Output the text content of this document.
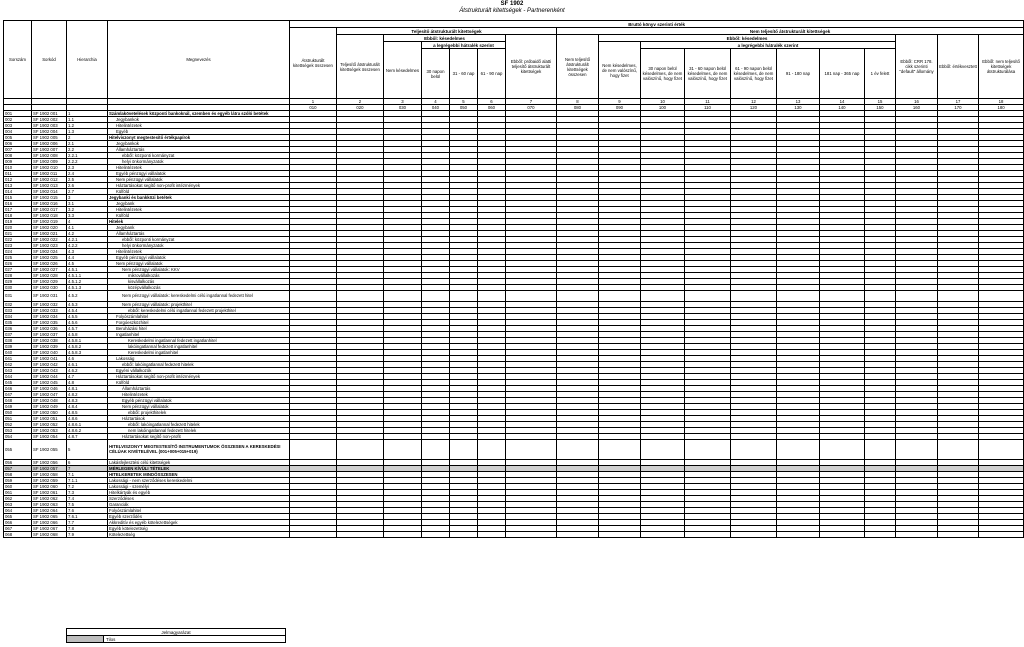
SF 1902
Átstrukturált kitettségek - Partnerenként
Sorszám	Sorkód	Hierarchia	Megnevezés	Bruttó könyv szerinti érték																	
				Átstrukturált kitettségek összesen	Teljesítő átstrukturált kitettségek						Nem teljesítő átstrukturált kitettségek										
					Teljesítő átstrukturált kitettségek összesen	Ebből: késedelmes				Ebből: próbaidő alatti teljesítő átstrukturált kitettségek	Nem teljesítő átstrukturált kitettségek összesen	Ebből: késedelmes							Ebből: CRR 178. cikk szerinti "default" állomány	Ebből: értékvesztett	Ebből: nem teljesítő kitettségek átstrukturálása
						Nem késedelmes	a legrégebbi hátralék szerint					Nem késedelmes, de nem valószínű, hogy fizet	a legrégebbi hátralék szerint								
							30 napon belül	31 - 60 nap	61 - 90 nap				30 napon belül késedelmes, de nem valószínű, hogy fizet	31 - 60 napon belül késedelmes, de nem valószínű, hogy fizet	61 - 90 napon belül késedelmes, de nem valószínű, hogy fizet	91 - 180 nap	181 nap - 365 nap	1 év felett			
				1	2	3	4	5	6	7	8	9	10	11	12	13	14	15	16	17	18
				010	020	030	040	050	060	070	080	090	100	110	120	130	140	150	160	170	180
001	SF 1902 001	1	Számlakövetelések központi bankoknál, szemben és egyéb látra szóló betétek																		
002	SF 1902 002	1.1	Jegybankok																		
003	SF 1902 003	1.2	Hitelintézetek																		
004	SF 1902 004	1.3	Egyéb																		
005	SF 1902 005	2	Hitelviszonyt megtestesítő értékpapírok																		
006	SF 1902 006	2.1	Jegybankok																		
007	SF 1902 007	2.2	Államháztartás																		
008	SF 1902 008	2.2.1	ebből: központi kormányzat																		
009	SF 1902 009	2.2.2	helyi önkormányzatok																		
010	SF 1902 010	2.3	Hitelintézetek																		
011	SF 1902 011	2.4	Egyéb pénzügyi vállalatok																		
012	SF 1902 012	2.5	Nem pénzügyi vállalatok																		
013	SF 1902 013	2.6	Háztartásokat segítő non-profit intézmények																		
014	SF 1902 014	2.7	Külföld																		
015	SF 1902 015	3	Jegybanki és bankközi betétek																		
016	SF 1902 016	3.1	Jegybank																		
017	SF 1902 017	3.2	Hitelintézetek																		
018	SF 1902 018	3.3	Külföld																		
019	SF 1902 019	4	Hitelek																		
020	SF 1902 020	4.1	Jegybank																		
021	SF 1902 021	4.2	Államháztartás																		
022	SF 1902 022	4.2.1	ebből: központi kormányzat																		
023	SF 1902 023	4.2.2	helyi önkormányzatok																		
024	SF 1902 024	4.3	Hitelintézetek																		
025	SF 1902 025	4.4	Egyéb pénzügyi vállalatok																		
026	SF 1902 026	4.5	Nem pénzügyi vállalatok																		
027	SF 1902 027	4.5.1	Nem pénzügyi vállalatok: KKV																		
028	SF 1902 028	4.5.1.1	mikrovállalkozás																		
029	SF 1902 029	4.5.1.2	kisvállalkozás																		
030	SF 1902 030	4.5.1.3	középvállalkozás																		
031	SF 1902 031	4.5.2	Nem pénzügyi vállalatok: kereskedelmi célú ingatlannal fedezett hitel																		
032	SF 1902 032	4.5.3	Nem pénzügyi vállalatok: projekthitel																		
033	SF 1902 033	4.5.4	ebből: kereskedelmi célú ingatlannal fedezett projekthitel																		
034	SF 1902 034	4.5.5	Folyószámlahitel																		
035	SF 1902 035	4.5.6	Forgóeszközhitel																		
036	SF 1902 036	4.5.7	Beruházási hitel																		
037	SF 1902 037	4.5.8	Ingatlanhitel																		
038	SF 1902 038	4.5.8.1	Kereskedelmi ingatlannal fedezett ingatlanhitel																		
039	SF 1902 039	4.5.8.2	lakóingatlannal fedezett ingatlanhitel																		
040	SF 1902 040	4.5.8.3	Kereskedelmi ingatlanhitel																		
041	SF 1902 041	4.6	Lakosság																		
042	SF 1902 042	4.6.1	ebből: lakóingatlannal fedezett hitelek																		
043	SF 1902 043	4.6.2	Egyéni vállalkozók																		
044	SF 1902 044	4.7	Háztartásokat segítő non-profit intézmények																		
045	SF 1902 045	4.8	Külföld																		
046	SF 1902 046	4.8.1	Államháztartás																		
047	SF 1902 047	4.8.2	Hitelintézetek																		
048	SF 1902 048	4.8.3	Egyéb pénzügyi vállalatok																		
049	SF 1902 049	4.8.4	Nem pénzügyi vállalatok																		
050	SF 1902 050	4.8.5	ebből: projekthitelek																		
051	SF 1902 051	4.8.6	Háztartások																		
052	SF 1902 052	4.8.6.1	ebből: lakóingatlannal fedezett hitelek																		
053	SF 1902 053	4.8.6.2	nem lakóingatlannal fedezett hitelek																		
054	SF 1902 054	4.8.7	Háztartásokat segítő non-profit																		
055	SF 1902 055	5	HITELVISZONYT MEGTESTESÍTŐ INSTRUMENTUMOK ÖSSZESEN A KERESKEDÉSI CÉLÚAK KIVÉTELÉVEL (001+005+015+019)																		
056	SF 1902 056	6	Lakásfejlesztési célú kitettségek																		
057	SF 1902 057	7	MÉRLEGEN KÍVÜLI TÉTELEK																		
058	SF 1902 058	7.1	HITELKERETEK MINDÖSSZESEN																		
059	SF 1902 059	7.1.1	Lakossági - nem szerződéses kereskedelmi																		
060	SF 1902 060	7.2	Lakossági - személyi																		
061	SF 1902 061	7.3	Hitelkártyák és egyéb																		
062	SF 1902 062	7.4	Szerződéses																		
063	SF 1902 063	7.5	Garanciák																		
064	SF 1902 064	7.6	Folyószámlahitel																		
065	SF 1902 065	7.6.1	Egyéb szerződés																		
066	SF 1902 066	7.7	Akkreditív és egyéb kötelezettségek																		
067	SF 1902 067	7.8	Egyéb kötelezettség																		
068	SF 1902 068	7.9	Kötelezettség																		
Jelmagyarázat
	Tilos
